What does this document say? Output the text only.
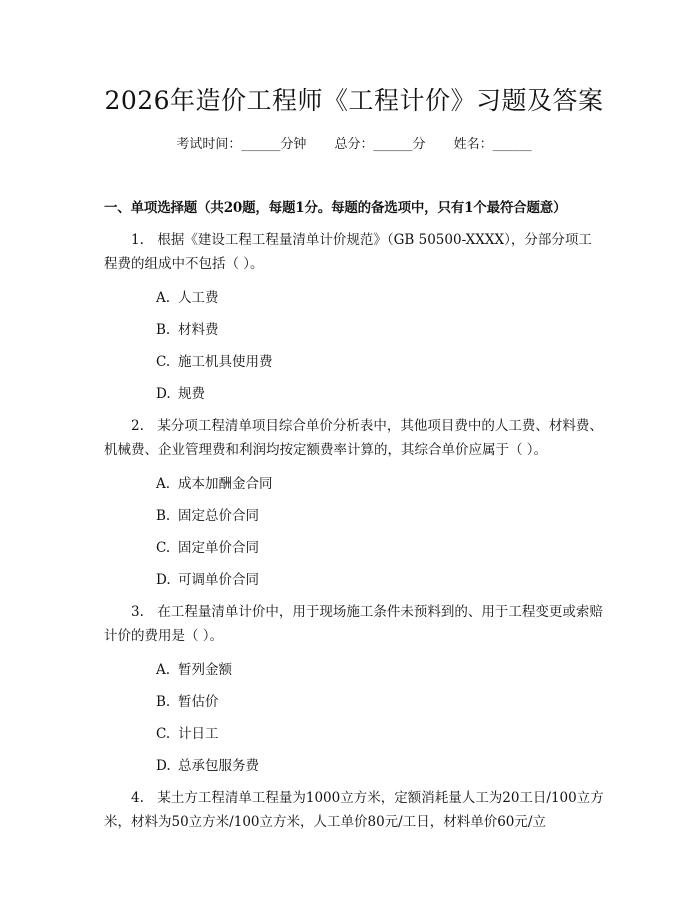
2026年造价工程师《工程计价》习题及答案
考试时间：______分钟 总分：______分 姓名：______
一、单项选择题（共20题，每题1分。每题的备选项中，只有1个最符合题意）
1.　根据《建设工程工程量清单计价规范》（GB 50500-XXXX），分部分项工程费的组成中不包括（ ）。
A. 人工费
B. 材料费
C. 施工机具使用费
D. 规费
2.　某分项工程清单项目综合单价分析表中，其他项目费中的人工费、材料费、机械费、企业管理费和利润均按定额费率计算的，其综合单价应属于（ ）。
A. 成本加酬金合同
B. 固定总价合同
C. 固定单价合同
D. 可调单价合同
3.　在工程量清单计价中，用于现场施工条件未预料到的、用于工程变更或索赔计价的费用是（ ）。
A. 暂列金额
B. 暂估价
C. 计日工
D. 总承包服务费
4.　某土方工程清单工程量为1000立方米，定额消耗量人工为20工日/100立方米，材料为50立方米/100立方米，人工单价80元/工日，材料单价60元/立
